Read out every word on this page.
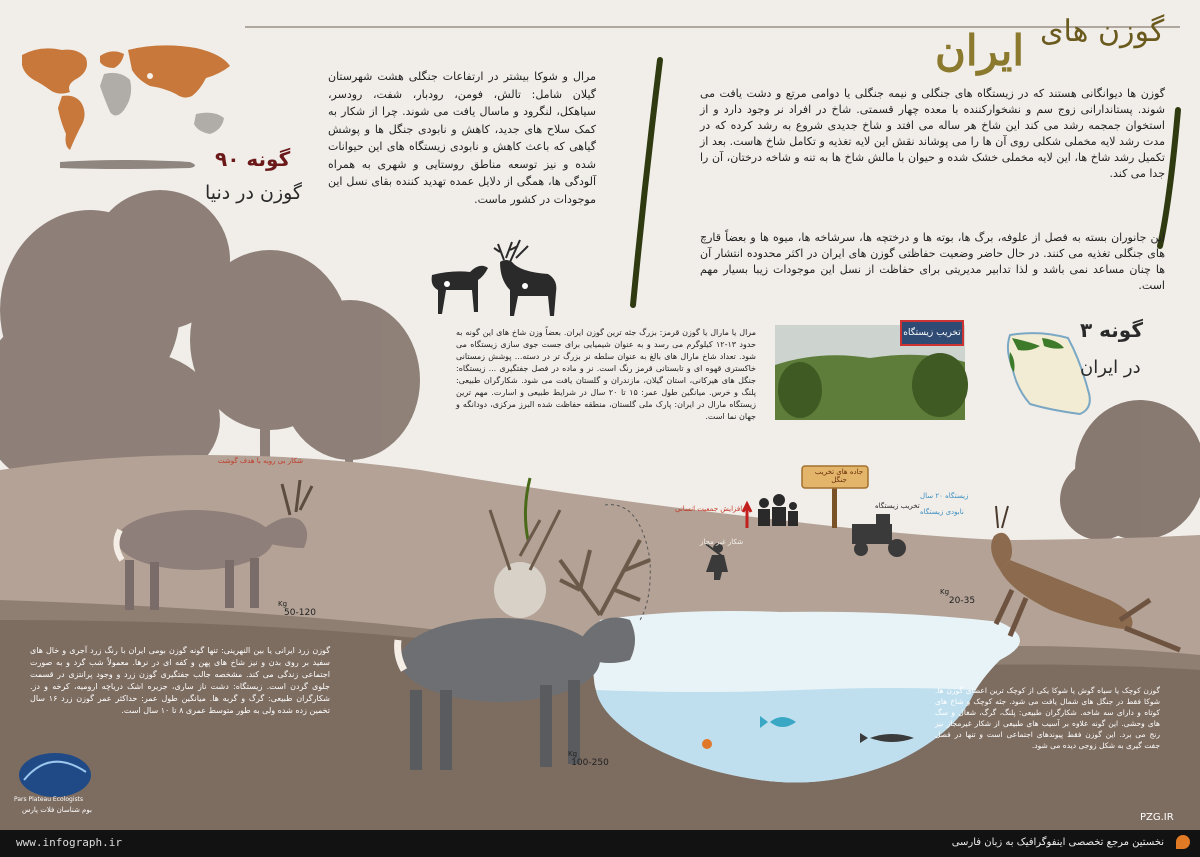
گوزن های
ایران
گوزن ها دیوانگانی هستند که در زیستگاه های جنگلی و نیمه جنگلی یا دوامی مرتع و دشت یافت می شوند. پستاندارانی زوج سم و نشخوارکننده با معده چهار قسمتی. شاخ در افراد نر وجود دارد و از استخوان جمجمه رشد می کند این شاخ هر ساله می افتد و شاخ جدیدی شروع به رشد کرده که در مدت رشد لایه مخملی شکلی روی آن ها را می پوشاند نقش این لایه تغذیه و تکامل شاخ هاست. بعد از تکمیل رشد شاخ ها، این لایه مخملی خشک شده و حیوان با مالش شاخ ها به تنه و شاخه درختان، آن را جدا می کند.
این جانوران بسته به فصل از علوفه، برگ ها، بوته ها و درختچه ها، سرشاخه ها، میوه ها و بعضاً قارچ های جنگلی تغذیه می کنند. در حال حاضر وضعیت حفاظتی گوزن های ایران در اکثر محدوده انتشار آن ها چنان مساعد نمی باشد و لذا تدابیر مدیریتی برای حفاظت از نسل این موجودات زیبا بسیار مهم است.
مرال و شوکا بیشتر در ارتفاعات جنگلی هشت شهرستان گیلان شامل: تالش، فومن، رودبار، شفت، رودسر، سیاهکل، لنگرود و ماسال یافت می شوند. چرا از شکار به کمک سلاح های جدید، کاهش و نابودی جنگل ها و پوشش گیاهی که باعث کاهش و نابودی زیستگاه های این حیوانات شده و نیز توسعه مناطق روستایی و شهری به همراه آلودگی ها، همگی از دلایل عمده تهدید کننده بقای نسل این موجودات در کشور ماست.
۹۰ گونه
گوزن در دنیا
۳ گونه
در ایران
تخریب زیستگاه
جاده های تخریب جنگل
مرال یا مارال یا گوزن قرمز: بزرگ جثه ترین گوزن ایران. بعضاً وزن شاخ های این گونه به حدود ۱۳-۱۲ کیلوگرم می رسد و به عنوان شیمیایی برای جست جوی سازی زیستگاه می شود. تعداد شاخ مارال های بالغ به عنوان سلطه نر بزرگ تر در دسته... پوشش زمستانی خاکستری قهوه ای و تابستانی قرمز رنگ است. نر و ماده در فصل جفتگیری ... زیستگاه: جنگل های هیرکانی، استان گیلان، مازندران و گلستان یافت می شود. شکارگران طبیعی: پلنگ و خرس. میانگین طول عمر: ۱۵ تا ۲۰ سال در شرایط طبیعی و اسارت. مهم ترین زیستگاه مارال در ایران: پارک ملی گلستان، منطقه حفاظت شده البرز مرکزی، دودانگه و جهان نما است.
گوزن زرد ایرانی یا بین النهرینی: تنها گونه گوزن بومی ایران با رنگ زرد آجری و خال های سفید بر روی بدن و نیز شاخ های پهن و کفه ای در نرها. معمولاً شب گرد و به صورت اجتماعی زندگی می کند. مشخصه جالب جفتگیری گوزن زرد و وجود پرانتزی در قسمت جلوی گردن است. زیستگاه: دشت ناز ساری، جزیره اشک دریاچه ارومیه، کرخه و دز. شکارگران طبیعی: گرگ و گربه ها. میانگین طول عمر: حداکثر عمر گوزن زرد ۱۶ سال تخمین زده شده ولی به طور متوسط عمری ۸ تا ۱۰ سال است.
گوزن کوچک یا سیاه گوش یا شوکا یکی از کوچک ترین اعضای گوزن ها. شوکا فقط در جنگل های شمال یافت می شود. جثه کوچک و شاخ های کوتاه و دارای سه شاخه. شکارگران طبیعی: پلنگ، گرگ، شغال و سگ های وحشی. این گونه علاوه بر آسیب های طبیعی از شکار غیرمجاز نیز رنج می برد. این گوزن فقط پیوندهای اجتماعی است و تنها در فصل جفت گیری به شکل زوجی دیده می شود.
Kg
50-120
Kg
100-250
Kg
20-35
افزایش جمعیت انسانی
شکار غیر مجاز
شکار بی رویه با هدف گوشت
زیستگاه ۲۰ سال
نابودی زیستگاه
تخریب زیستگاه
Pars Plateau Ecologists
بوم شناسان فلات پارس
PZG.IR
www.infograph.ir	نخستین مرجع تخصصی اینفوگرافیک به زبان فارسی
